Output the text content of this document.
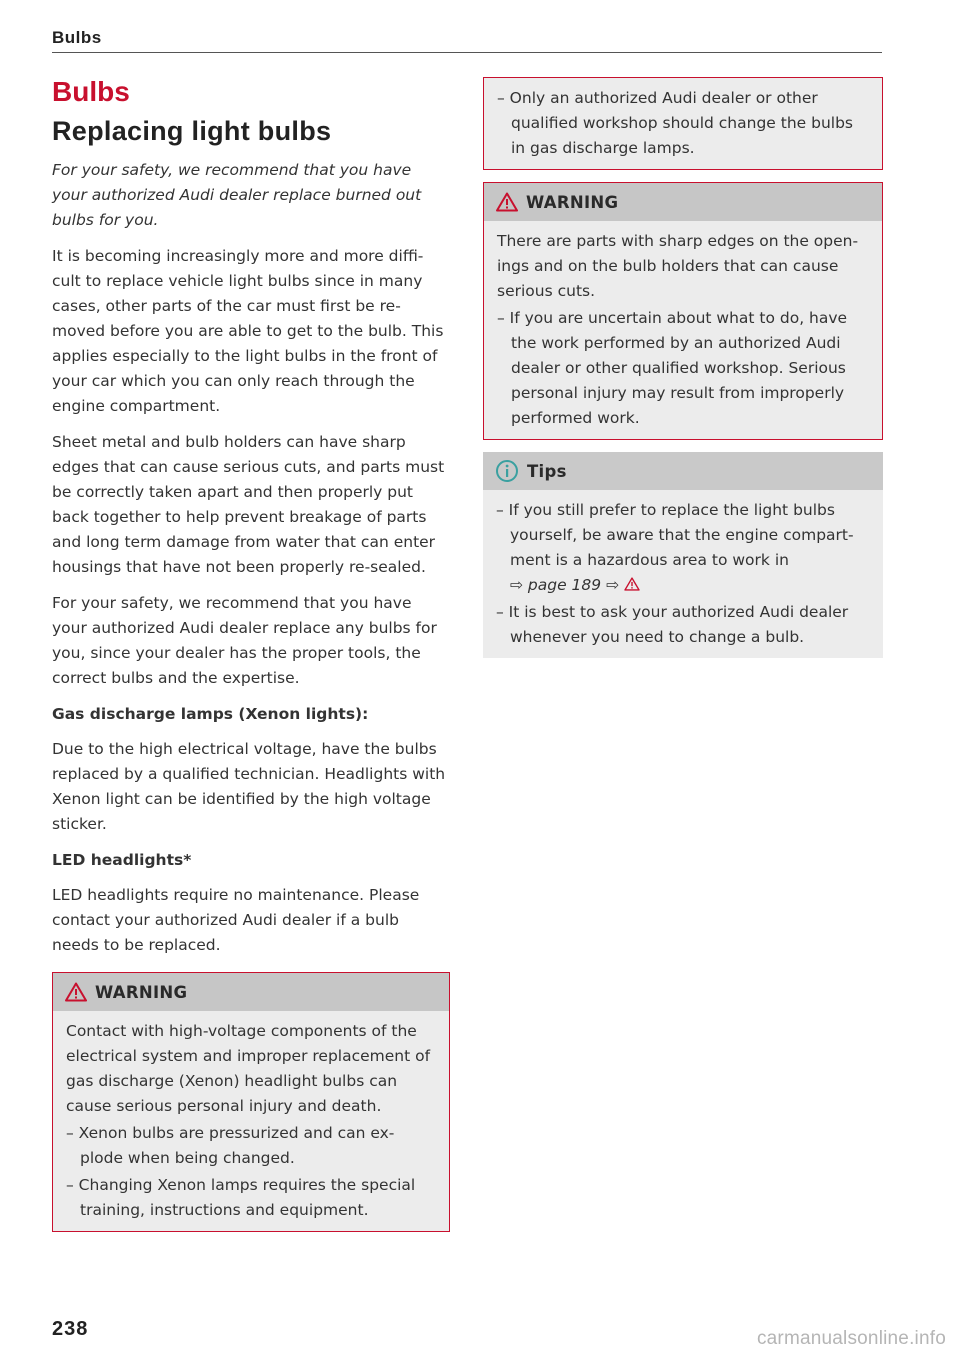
Bulbs
Bulbs
Replacing light bulbs

For your safety, we recommend that you have your authorized Audi dealer replace burned out bulbs for you.

It is becoming increasingly more and more diffi-cult to replace vehicle light bulbs since in many cases, other parts of the car must first be re-moved before you are able to get to the bulb. This applies especially to the light bulbs in the front of your car which you can only reach through the engine compartment.

Sheet metal and bulb holders can have sharp edges that can cause serious cuts, and parts must be correctly taken apart and then properly put back together to help prevent breakage of parts and long term damage from water that can enter housings that have not been properly re-sealed.

For your safety, we recommend that you have your authorized Audi dealer replace any bulbs for you, since your dealer has the proper tools, the correct bulbs and the expertise.

Gas discharge lamps (Xenon lights):

Due to the high electrical voltage, have the bulbs replaced by a qualified technician. Headlights with Xenon light can be identified by the high voltage sticker.

LED headlights*

LED headlights require no maintenance. Please contact your authorized Audi dealer if a bulb needs to be replaced.

WARNING

Contact with high-voltage components of the electrical system and improper replacement of gas discharge (Xenon) headlight bulbs can cause serious personal injury and death.

– Xenon bulbs are pressurized and can ex-plode when being changed.

– Changing Xenon lamps requires the special training, instructions and equipment.

– Only an authorized Audi dealer or other qualified workshop should change the bulbs in gas discharge lamps.

WARNING

There are parts with sharp edges on the open-ings and on the bulb holders that can cause serious cuts.

– If you are uncertain about what to do, have the work performed by an authorized Audi dealer or other qualified workshop. Serious personal injury may result from improperly performed work.

Tips

– If you still prefer to replace the light bulbs yourself, be aware that the engine compart-ment is a hazardous area to work in
⇨ page 189 ⇨

– It is best to ask your authorized Audi dealer whenever you need to change a bulb.

238	carmanualsonline.info
